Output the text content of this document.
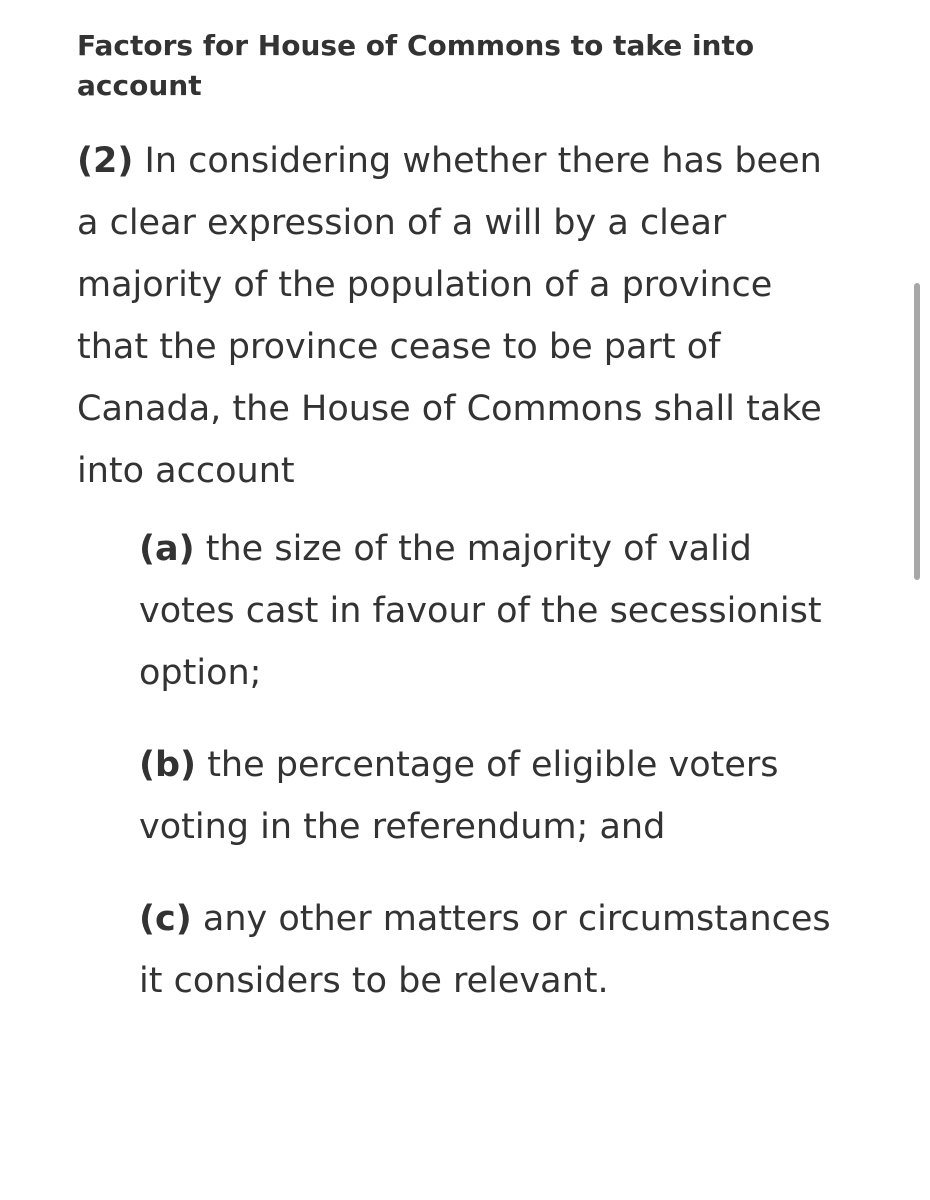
Factors for House of Commons to take into account

(2) In considering whether there has been a clear expression of a will by a clear majority of the population of a province that the province cease to be part of Canada, the House of Commons shall take into account

(a) the size of the majority of valid votes cast in favour of the secessionist option;

(b) the percentage of eligible voters voting in the referendum; and

(c) any other matters or circumstances it considers to be relevant.
